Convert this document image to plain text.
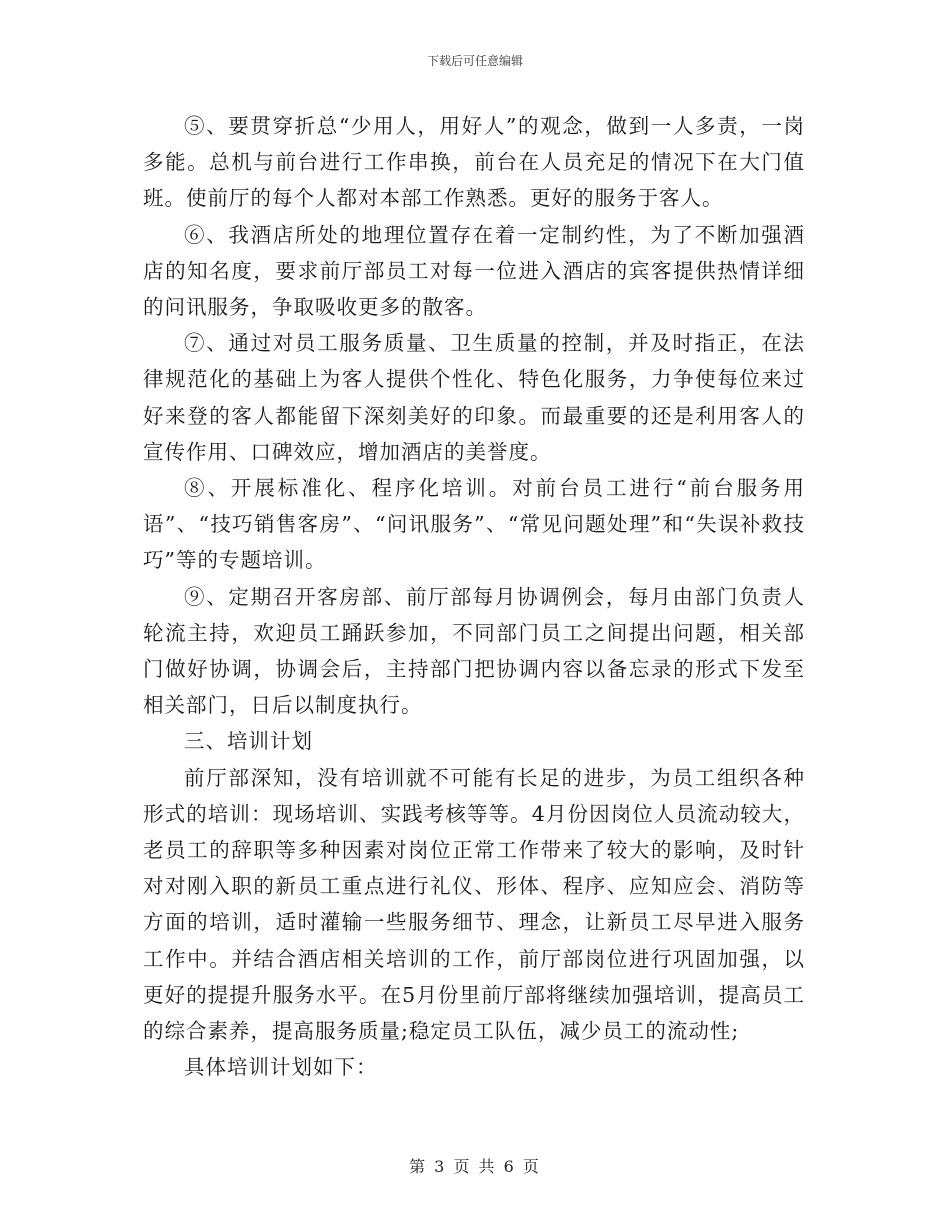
下载后可任意编辑

⑤、要贯穿折总“少用人，用好人”的观念，做到一人多责，一岗多能。总机与前台进行工作串换，前台在人员充足的情况下在大门值班。使前厅的每个人都对本部工作熟悉。更好的服务于客人。

⑥、我酒店所处的地理位置存在着一定制约性，为了不断加强酒店的知名度，要求前厅部员工对每一位进入酒店的宾客提供热情详细的问讯服务，争取吸收更多的散客。

⑦、通过对员工服务质量、卫生质量的控制，并及时指正，在法律规范化的基础上为客人提供个性化、特色化服务，力争使每位来过好来登的客人都能留下深刻美好的印象。而最重要的还是利用客人的宣传作用、口碑效应，增加酒店的美誉度。

⑧、开展标准化、程序化培训。对前台员工进行“前台服务用语”、“技巧销售客房”、“问讯服务”、“常见问题处理”和“失误补救技巧”等的专题培训。

⑨、定期召开客房部、前厅部每月协调例会，每月由部门负责人轮流主持，欢迎员工踊跃参加，不同部门员工之间提出问题，相关部门做好协调，协调会后，主持部门把协调内容以备忘录的形式下发至相关部门，日后以制度执行。

三、培训计划

前厅部深知，没有培训就不可能有长足的进步，为员工组织各种形式的培训：现场培训、实践考核等等。4月份因岗位人员流动较大，老员工的辞职等多种因素对岗位正常工作带来了较大的影响，及时针对对刚入职的新员工重点进行礼仪、形体、程序、应知应会、消防等方面的培训，适时灌输一些服务细节、理念，让新员工尽早进入服务工作中。并结合酒店相关培训的工作，前厅部岗位进行巩固加强，以更好的提提升服务水平。在5月份里前厅部将继续加强培训，提高员工的综合素养，提高服务质量;稳定员工队伍，减少员工的流动性;

具体培训计划如下：

第 3 页 共 6 页
